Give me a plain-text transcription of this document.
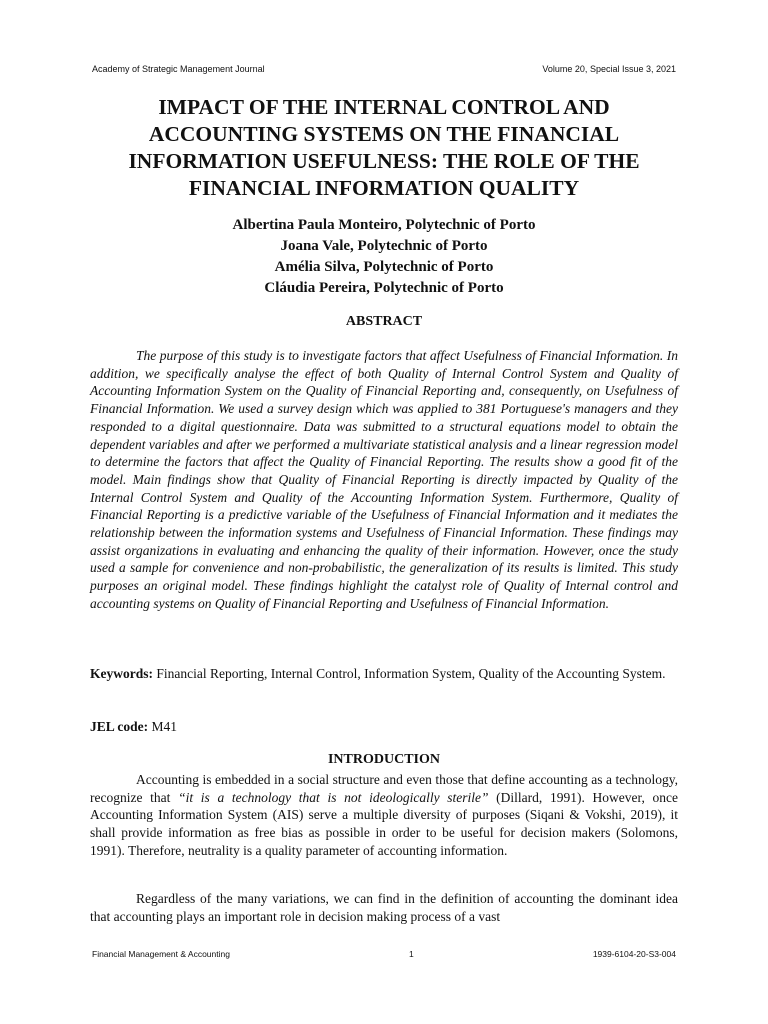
Academy of Strategic Management Journal	Volume 20, Special Issue 3, 2021
IMPACT OF THE INTERNAL CONTROL AND ACCOUNTING SYSTEMS ON THE FINANCIAL INFORMATION USEFULNESS: THE ROLE OF THE FINANCIAL INFORMATION QUALITY
Albertina Paula Monteiro, Polytechnic of Porto
Joana Vale, Polytechnic of Porto
Amélia Silva, Polytechnic of Porto
Cláudia Pereira, Polytechnic of Porto
ABSTRACT
The purpose of this study is to investigate factors that affect Usefulness of Financial Information. In addition, we specifically analyse the effect of both Quality of Internal Control System and Quality of Accounting Information System on the Quality of Financial Reporting and, consequently, on Usefulness of Financial Information. We used a survey design which was applied to 381 Portuguese's managers and they responded to a digital questionnaire. Data was submitted to a structural equations model to obtain the dependent variables and after we performed a multivariate statistical analysis and a linear regression model to determine the factors that affect the Quality of Financial Reporting. The results show a good fit of the model. Main findings show that Quality of Financial Reporting is directly impacted by Quality of the Internal Control System and Quality of the Accounting Information System. Furthermore, Quality of Financial Reporting is a predictive variable of the Usefulness of Financial Information and it mediates the relationship between the information systems and Usefulness of Financial Information. These findings may assist organizations in evaluating and enhancing the quality of their information. However, once the study used a sample for convenience and non-probabilistic, the generalization of its results is limited. This study purposes an original model. These findings highlight the catalyst role of Quality of Internal control and accounting systems on Quality of Financial Reporting and Usefulness of Financial Information.
Keywords: Financial Reporting, Internal Control, Information System, Quality of the Accounting System.
JEL code: M41
INTRODUCTION
Accounting is embedded in a social structure and even those that define accounting as a technology, recognize that “it is a technology that is not ideologically sterile” (Dillard, 1991). However, once Accounting Information System (AIS) serve a multiple diversity of purposes (Siqani & Vokshi, 2019), it shall provide information as free bias as possible in order to be useful for decision makers (Solomons, 1991). Therefore, neutrality is a quality parameter of accounting information.
Regardless of the many variations, we can find in the definition of accounting the dominant idea that accounting plays an important role in decision making process of a vast
Financial Management & Accounting	1	1939-6104-20-S3-004
